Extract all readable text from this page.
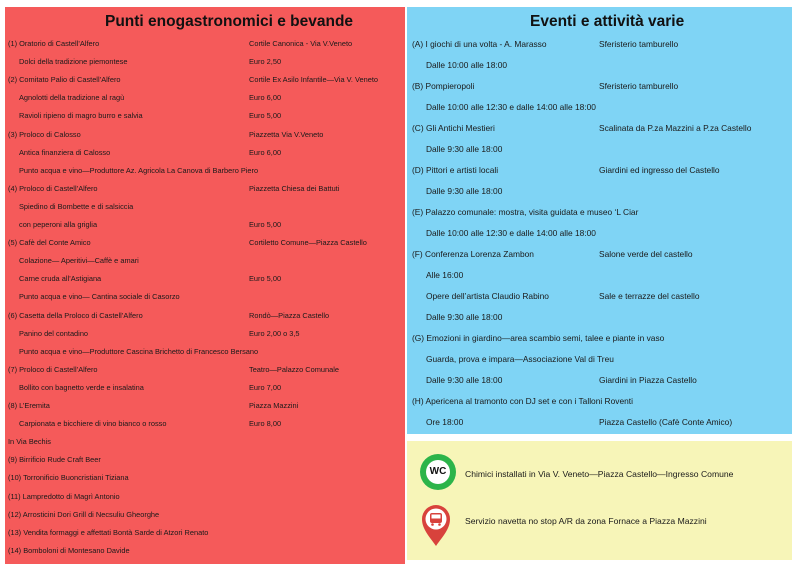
Punti enogastronomici e bevande
(1) Oratorio di Castell’Alfero	Cortile Canonica - Via V.Veneto
Dolci della tradizione piemontese	Euro 2,50
(2) Comitato Palio di Castell’Alfero	Cortile Ex Asilo Infantile—Via V. Veneto
Agnolotti della tradizione al ragù	Euro 6,00
Ravioli ripieno di magro burro e salvia	Euro 5,00
(3) Proloco di Calosso	Piazzetta Via V.Veneto
Antica finanziera di Calosso	Euro 6,00
Punto acqua e vino—Produttore Az. Agricola La Canova di Barbero Piero
(4) Proloco di Castell’Alfero	Piazzetta Chiesa dei Battuti
Spiedino di Bombette e di salsiccia
con peperoni alla griglia	Euro 5,00
(5) Cafè del Conte Amico	Cortiletto Comune—Piazza Castello
Colazione— Aperitivi—Caffè e amari
Carne cruda all’Astigiana	Euro 5,00
Punto acqua e vino— Cantina sociale di Casorzo
(6) Casetta della Proloco di Castell’Alfero	Rondò—Piazza Castello
Panino del contadino	Euro 2,00 o 3,5
Punto acqua e vino—Produttore Cascina Brichetto di Francesco Bersano
(7) Proloco di Castell’Alfero	Teatro—Palazzo Comunale
Bollito con bagnetto verde e insalatina	Euro 7,00
(8) L’Eremita	Piazza Mazzini
Carpionata e bicchiere di vino bianco o rosso	Euro 8,00
In Via Bechis
(9) Birrificio Rude Craft Beer
(10) Torronificio Buoncristiani Tiziana
(11) Lampredotto di Magrì Antonio
(12) Arrosticini Dori Grill di Necsuliu Gheorghe
(13) Vendita formaggi e affettati Bontà Sarde di Atzori Renato
(14) Bomboloni di Montesano Davide
Eventi e attività varie
(A) I giochi di una volta - A. Marasso	Sferisterio tamburello
Dalle 10:00 alle 18:00
(B) Pompieropoli	Sferisterio tamburello
Dalle 10:00 alle 12:30 e dalle 14:00 alle 18:00
(C) Gli Antichi Mestieri	Scalinata da P.za Mazzini a P.za Castello
Dalle 9:30 alle 18:00
(D) Pittori e artisti locali	Giardini ed ingresso del Castello
Dalle 9:30 alle 18:00
(E) Palazzo comunale: mostra, visita guidata e museo ‘L Ciar
Dalle 10:00 alle 12:30 e dalle 14:00 alle 18:00
(F) Conferenza Lorenza Zambon	Salone verde del castello
Alle 16:00
Opere dell’artista Claudio Rabino	Sale e terrazze del castello
Dalle 9:30 alle 18:00
(G) Emozioni in giardino—area scambio semi, talee e piante in vaso
Guarda, prova e impara—Associazione Val di Treu
Dalle 9:30 alle 18:00	Giardini in Piazza Castello
(H) Apericena al tramonto con DJ set e con i Talloni Roventi
Ore 18:00	Piazza Castello (Cafè Conte Amico)
WC	Chimici installati in Via V. Veneto—Piazza Castello—Ingresso Comune
Servizio navetta no stop A/R da zona Fornace a Piazza Mazzini
